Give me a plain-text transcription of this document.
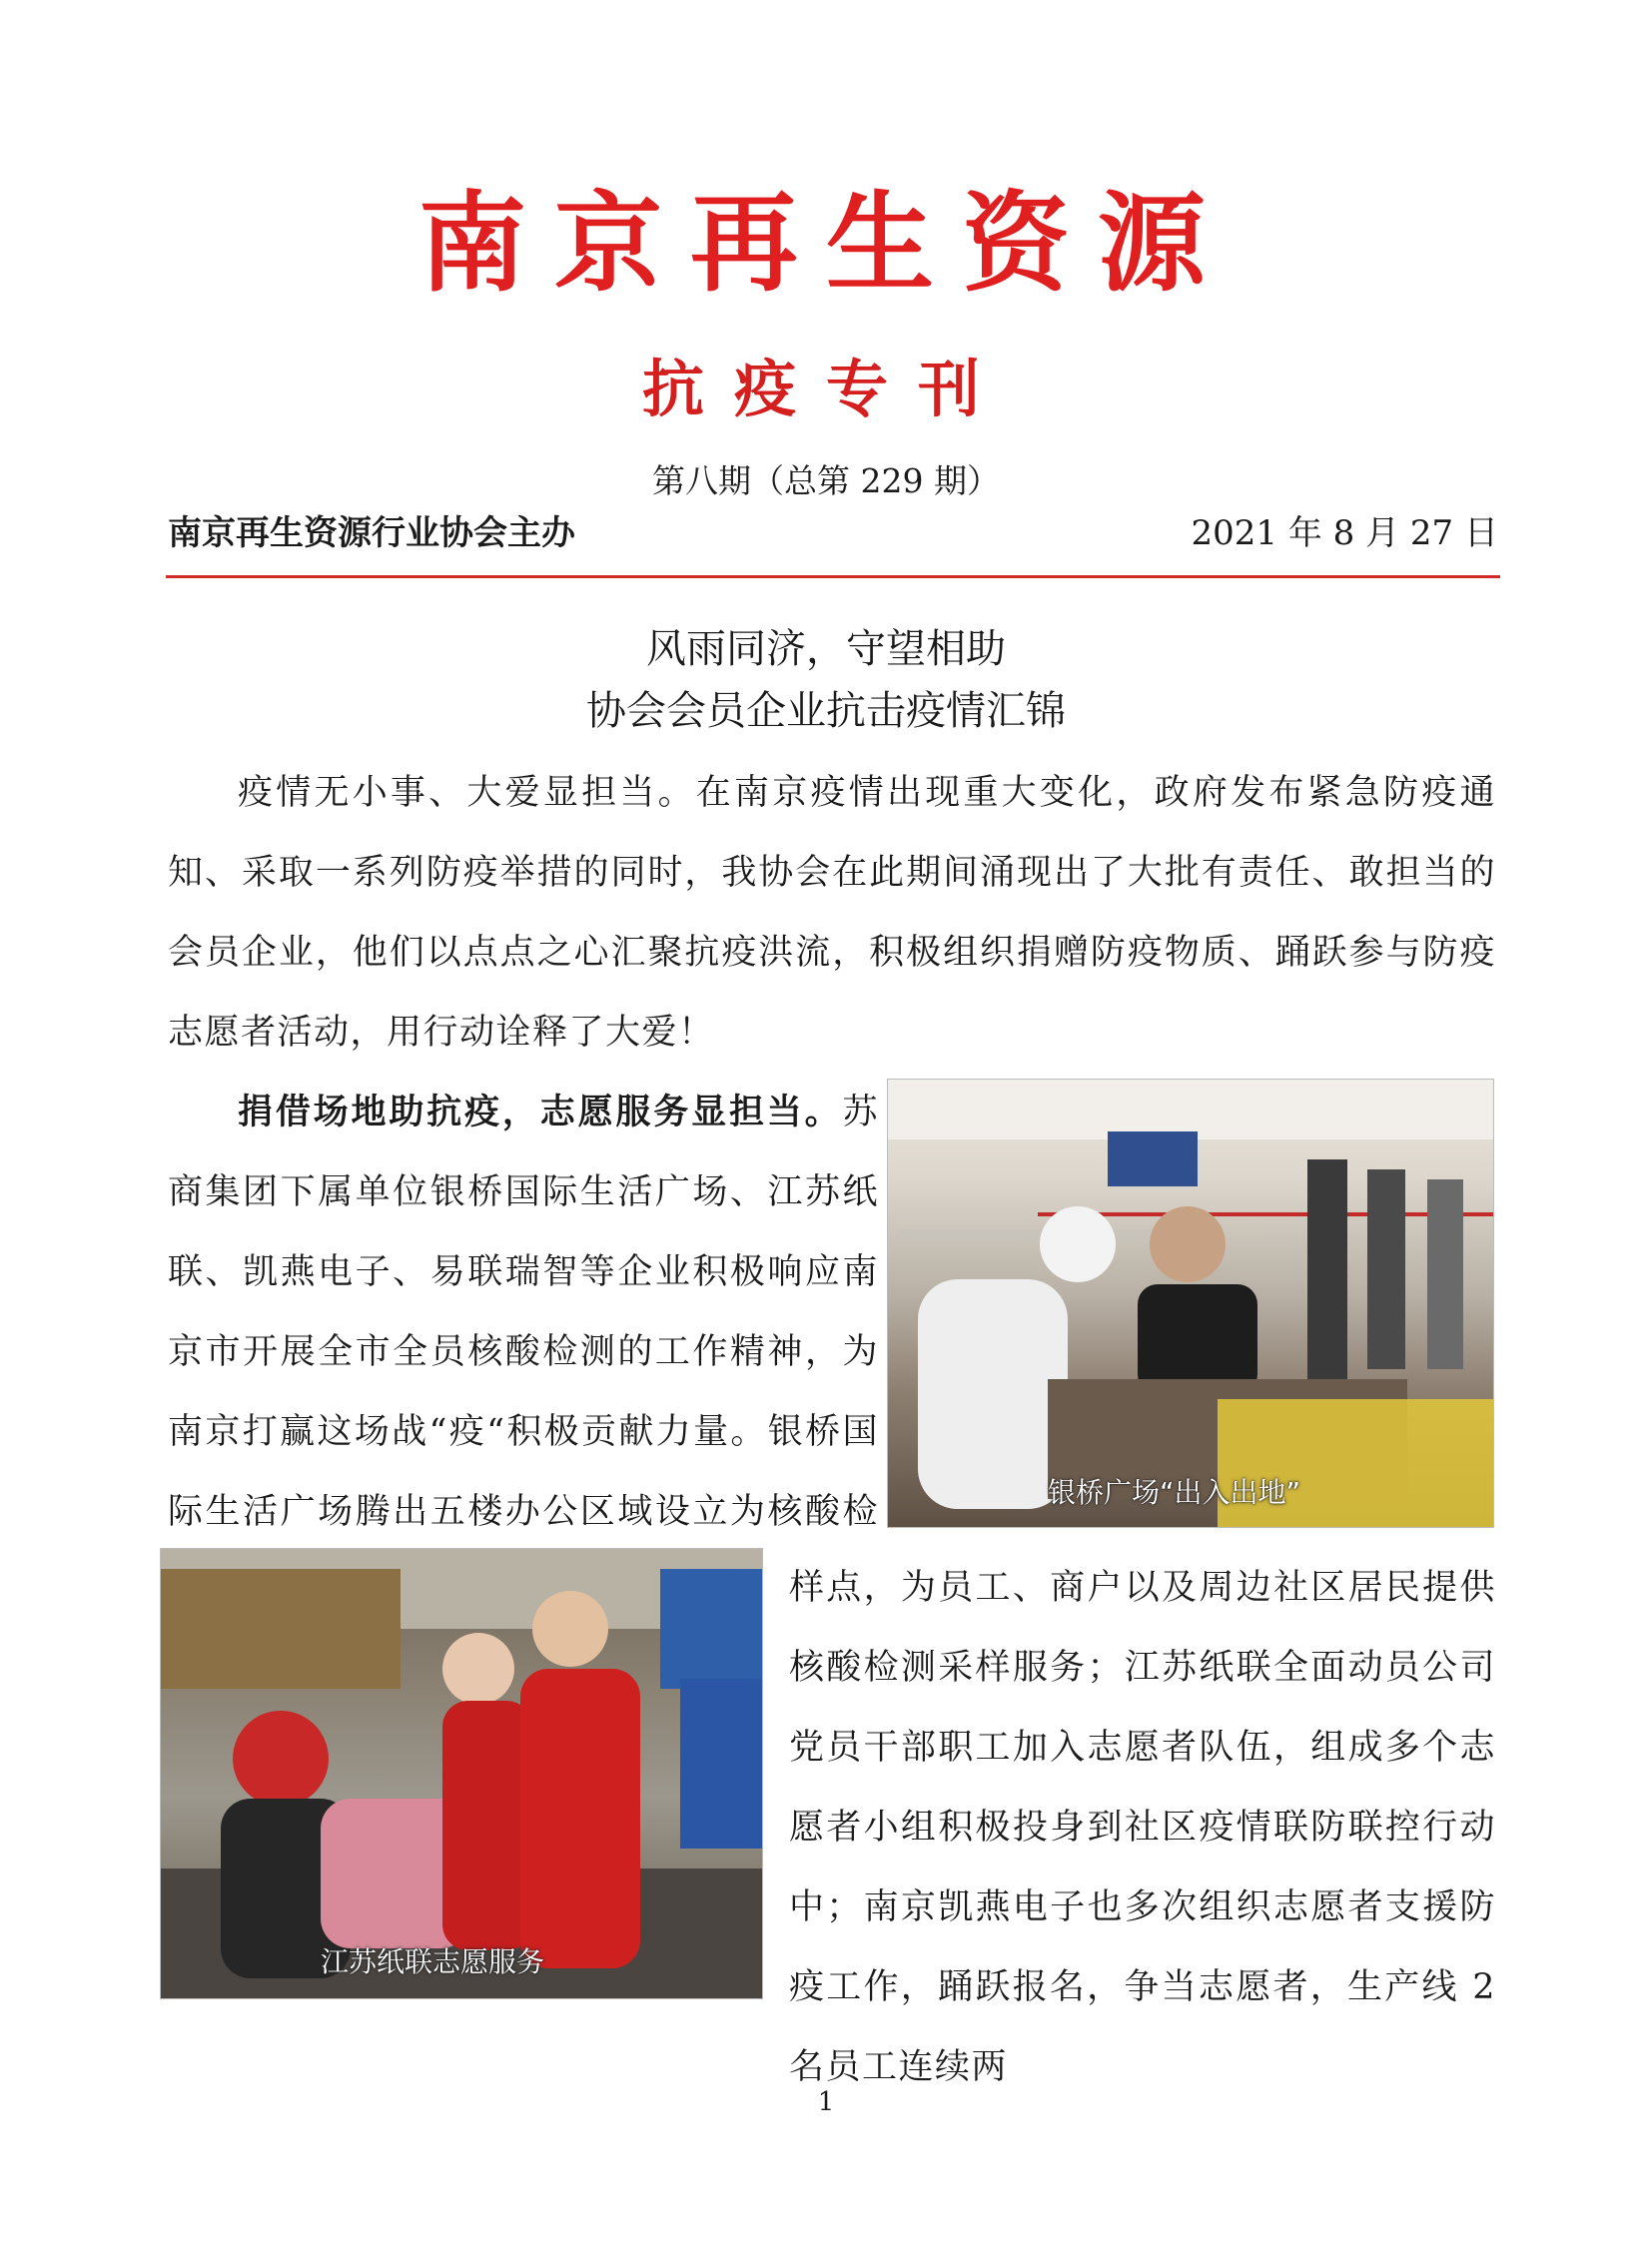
南京再生资源
抗疫专刊
第八期（总第 229 期）
南京再生资源行业协会主办	2021 年 8 月 27 日
风雨同济，守望相助
协会会员企业抗击疫情汇锦

疫情无小事、大爱显担当。在南京疫情出现重大变化，政府发布紧急防疫通知、采取一系列防疫举措的同时，我协会在此期间涌现出了大批有责任、敢担当的会员企业，他们以点点之心汇聚抗疫洪流，积极组织捐赠防疫物质、踊跃参与防疫志愿者活动，用行动诠释了大爱！

捐借场地助抗疫，志愿服务显担当。苏商集团下属单位银桥国际生活广场、江苏纸联、凯燕电子、易联瑞智等企业积极响应南京市开展全市全员核酸检测的工作精神，为南京打赢这场战“疫“积极贡献力量。银桥国际生活广场腾出五楼办公区域设立为核酸检

样点，为员工、商户以及周边社区居民提供核酸检测采样服务；江苏纸联全面动员公司党员干部职工加入志愿者队伍，组成多个志愿者小组积极投身到社区疫情联防联控行动中；南京凯燕电子也多次组织志愿者支援防疫工作，踊跃报名，争当志愿者，生产线 2 名员工连续两

银桥广场“出入出地”
江苏纸联志愿服务
1
